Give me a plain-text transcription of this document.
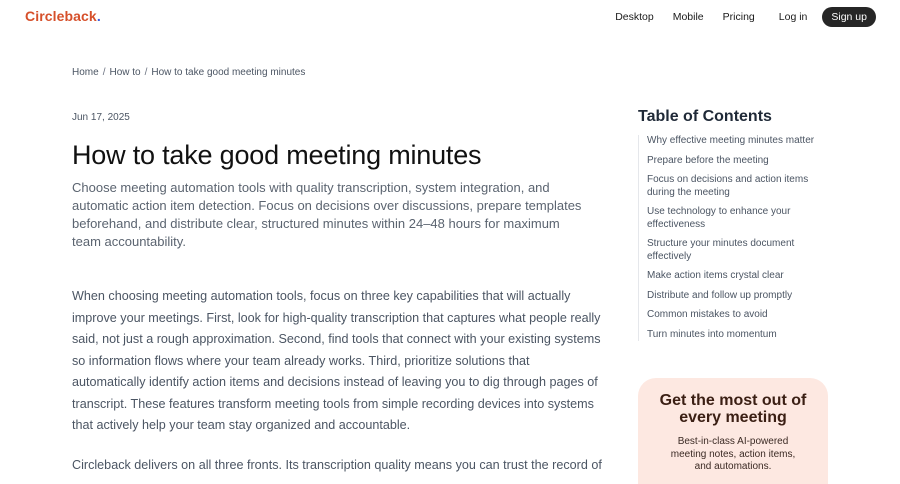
Circleback.	Desktop Mobile Pricing Log in	Sign up
Home / How to / How to take good meeting minutes
Jun 17, 2025
How to take good meeting minutes

Choose meeting automation tools with quality transcription, system integration, and automatic action item detection. Focus on decisions over discussions, prepare templates beforehand, and distribute clear, structured minutes within 24–48 hours for maximum team accountability.

When choosing meeting automation tools, focus on three key capabilities that will actually improve your meetings. First, look for high-quality transcription that captures what people really said, not just a rough approximation. Second, find tools that connect with your existing systems so information flows where your team already works. Third, prioritize solutions that automatically identify action items and decisions instead of leaving you to dig through pages of transcript. These features transform meeting tools from simple recording devices into systems that actively help your team stay organized and accountable.

Circleback delivers on all three fronts. Its transcription quality means you can trust the record of

Table of Contents
Why effective meeting minutes matter
Prepare before the meeting
Focus on decisions and action items during the meeting
Use technology to enhance your effectiveness
Structure your minutes document effectively
Make action items crystal clear
Distribute and follow up promptly
Common mistakes to avoid
Turn minutes into momentum
Get the most out of every meeting
Best-in-class AI-powered meeting notes, action items, and automations.
